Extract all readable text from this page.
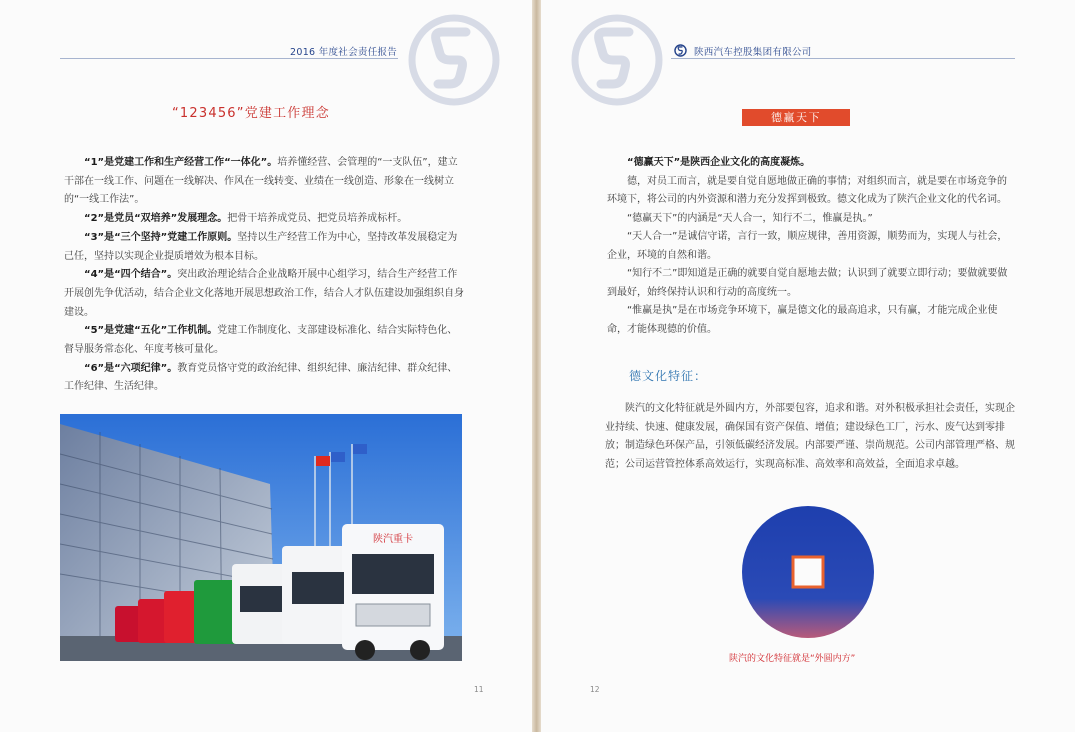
2016 年度社会责任报告
“123456”党建工作理念

“1”是党建工作和生产经营工作“一体化”。培养懂经营、会管理的“一支队伍”，建立干部在一线工作、问题在一线解决、作风在一线转变、业绩在一线创造、形象在一线树立的“一线工作法”。

“2”是党员“双培养”发展理念。把骨干培养成党员、把党员培养成标杆。

“3”是“三个坚持”党建工作原则。坚持以生产经营工作为中心，坚持改革发展稳定为己任，坚持以实现企业提质增效为根本目标。

“4”是“四个结合”。突出政治理论结合企业战略开展中心组学习，结合生产经营工作开展创先争优活动，结合企业文化落地开展思想政治工作，结合人才队伍建设加强组织自身建设。

“5”是党建“五化”工作机制。党建工作制度化、支部建设标准化、结合实际特色化、督导服务常态化、年度考核可量化。

“6”是“六项纪律”。教育党员恪守党的政治纪律、组织纪律、廉洁纪律、群众纪律、工作纪律、生活纪律。

陕汽重卡
11
陕西汽车控股集团有限公司
德赢天下

“德赢天下”是陕西企业文化的高度凝炼。

德，对员工而言，就是要自觉自愿地做正确的事情；对组织而言，就是要在市场竞争的环境下，将公司的内外资源和潜力充分发挥到极致。德文化成为了陕汽企业文化的代名词。

“德赢天下”的内涵是“天人合一，知行不二，惟赢是执。”

“天人合一”是诚信守诺，言行一致，顺应规律，善用资源，顺势而为，实现人与社会，企业，环境的自然和谐。

“知行不二”即知道是正确的就要自觉自愿地去做；认识到了就要立即行动；要做就要做到最好，始终保持认识和行动的高度统一。

“惟赢是执”是在市场竞争环境下，赢是德文化的最高追求，只有赢，才能完成企业使命，才能体现德的价值。

德文化特征：

陕汽的文化特征就是外圆内方，外部要包容，追求和谐。对外积极承担社会责任，实现企业持续、快速、健康发展，确保国有资产保值、增值；建设绿色工厂，污水、废气达到零排放；制造绿色环保产品，引领低碳经济发展。内部要严谨、崇尚规范。公司内部管理严格、规范；公司运营管控体系高效运行，实现高标准、高效率和高效益，全面追求卓越。

陕汽的文化特征就是“外圆内方”
12
